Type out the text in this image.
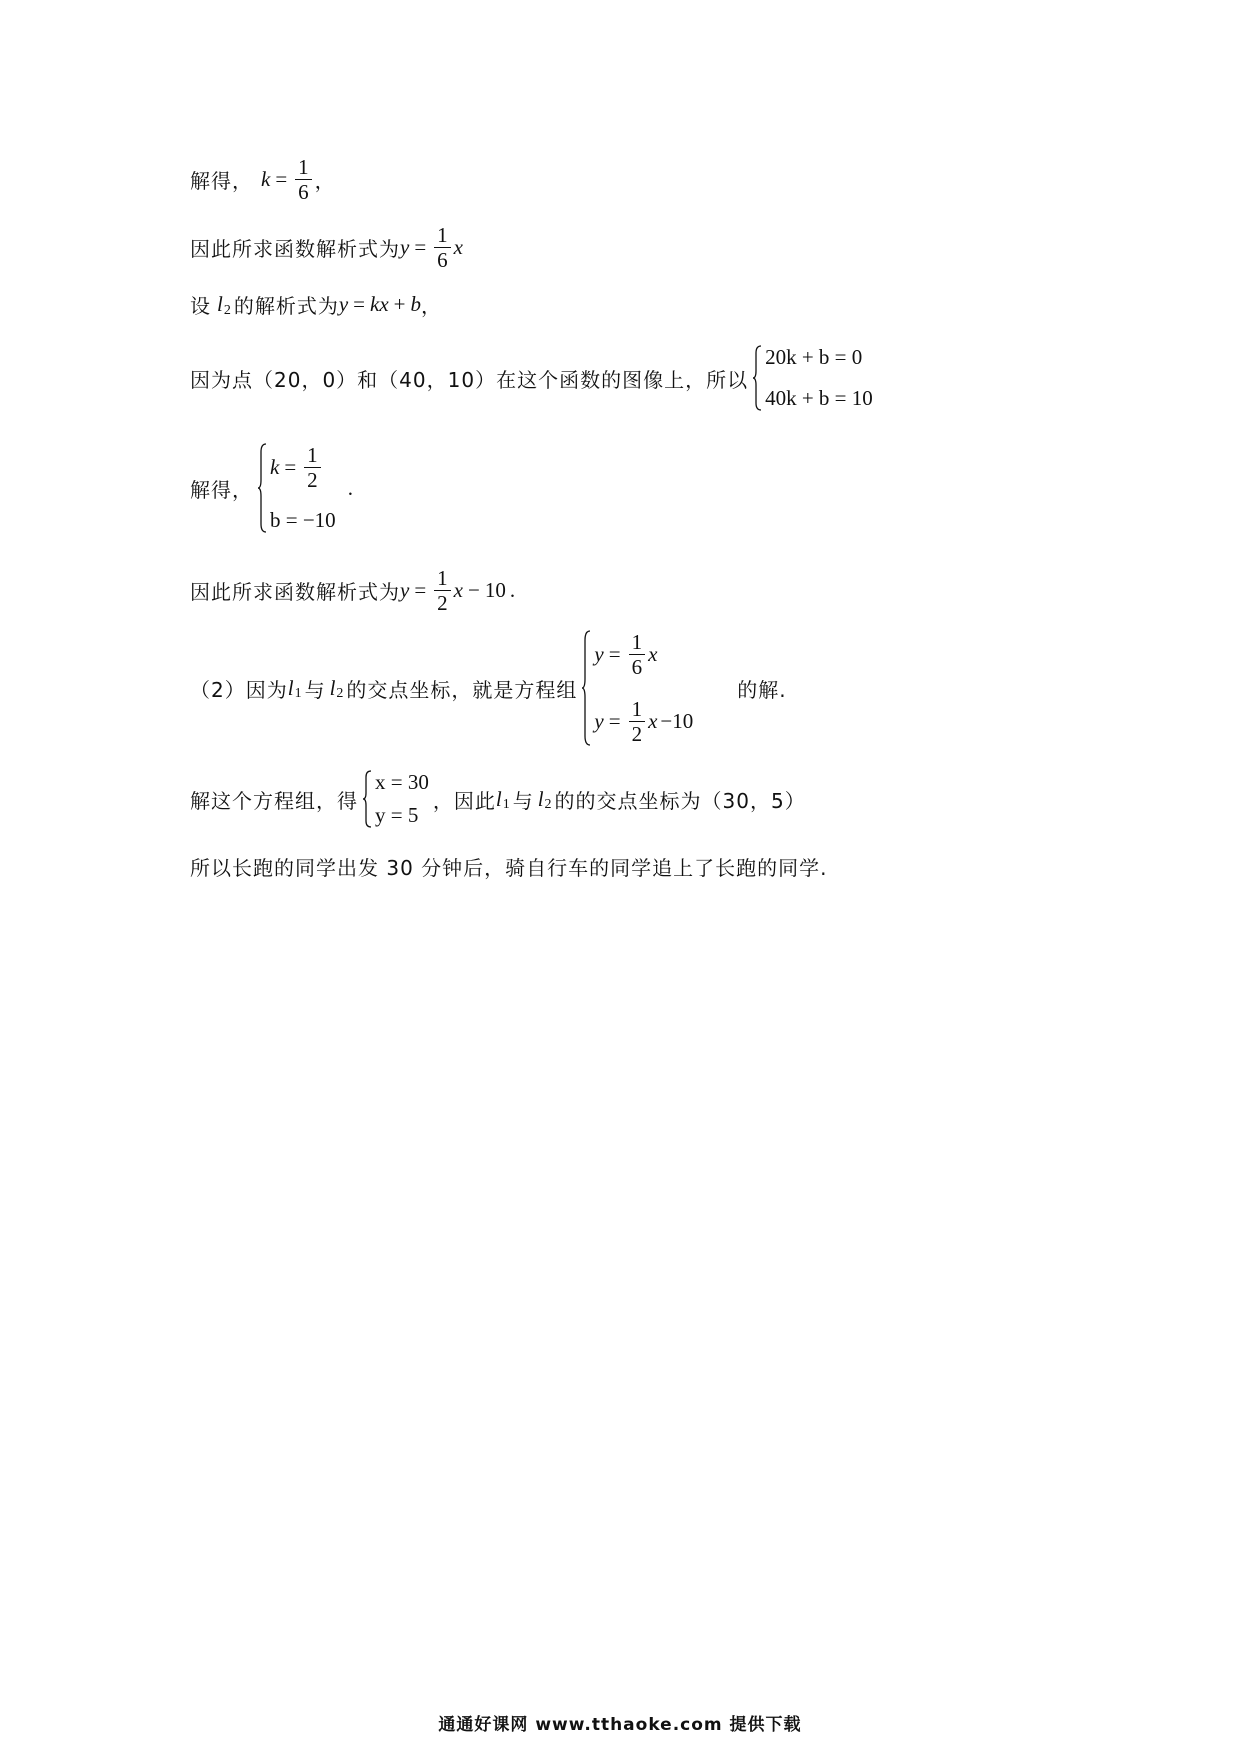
解得， $k = \frac{1}{6}$ ，
因此所求函数解析式为 $y = \frac{1}{6}$ x
设 l 2 的解析式为 y = kx + b ，
因为点（20，0）和（40，10）在这个函数的图像上，所以
20k + b = 0
40k + b = 10
解得，
$k = \frac{1}{2}$
b = −10
.
因此所求函数解析式为 $y = \frac{1}{2}$ x − 10 .
（2）因为 l 1 与 l 2 的交点坐标，就是方程组
$y = \frac{1}{6}$ x
$y = \frac{1}{2}$ x −10
的解.
解这个方程组，得
x = 30
y = 5
，因此 l 1 与 l 2 的的交点坐标为（30，5）
所以长跑的同学出发 30 分钟后，骑自行车的同学追上了长跑的同学.
通通好课网 www.tthaoke.com 提供下载
